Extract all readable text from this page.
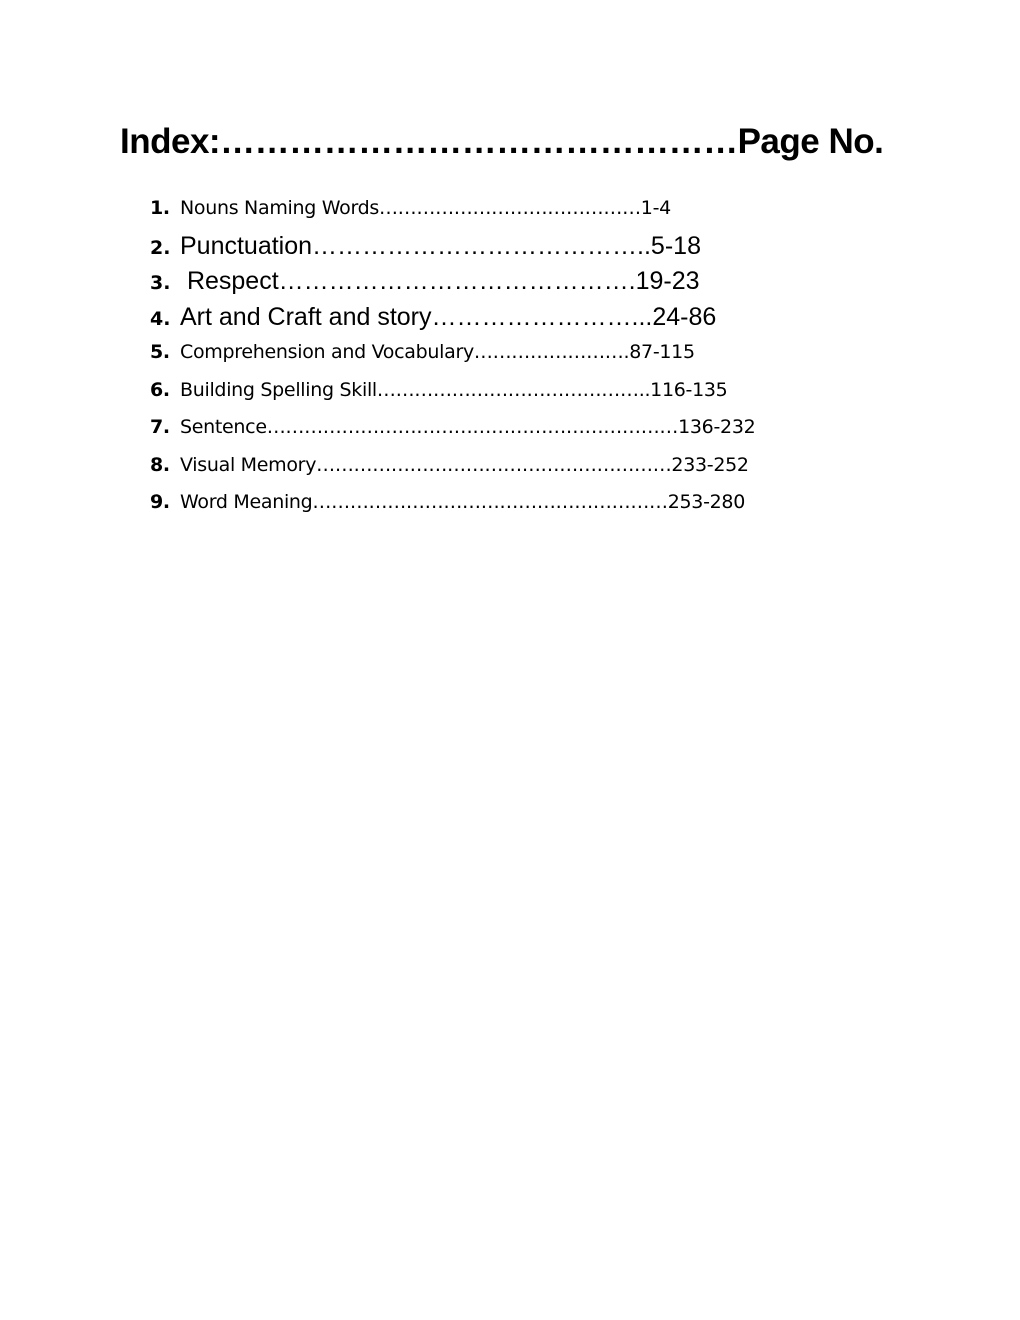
Index:………………………………………Page No.

1. Nouns Naming Words……………………………………1-4

2. Punctuation…………………………………..5-18

3. Respect…………………………………….19-23

4. Art and Craft and story……………………...24-86

5. Comprehension and Vocabulary…………………….87-115

6. Building Spelling Skill……………………………………..116-135

7. Sentence…………………………………………………………136-232

8. Visual Memory…………………………………………………233-252

9. Word Meaning…………………………………………………253-280
